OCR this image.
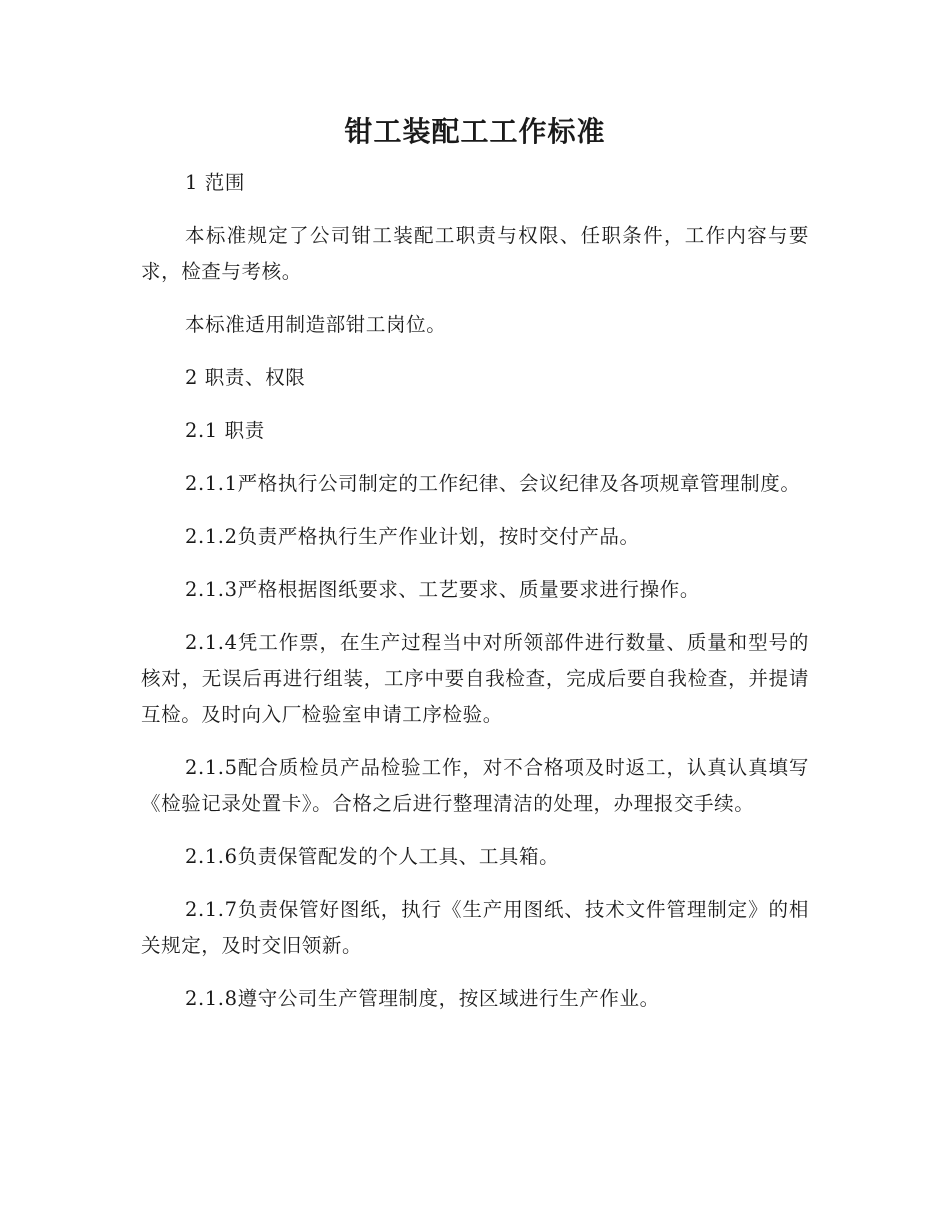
钳工装配工工作标准

1 范围

本标准规定了公司钳工装配工职责与权限、任职条件，工作内容与要求，检查与考核。

本标准适用制造部钳工岗位。

2 职责、权限

2.1 职责

2.1.1严格执行公司制定的工作纪律、会议纪律及各项规章管理制度。

2.1.2负责严格执行生产作业计划，按时交付产品。

2.1.3严格根据图纸要求、工艺要求、质量要求进行操作。

2.1.4凭工作票，在生产过程当中对所领部件进行数量、质量和型号的核对，无误后再进行组装，工序中要自我检查，完成后要自我检查，并提请互检。及时向入厂检验室申请工序检验。

2.1.5配合质检员产品检验工作，对不合格项及时返工，认真认真填写《检验记录处置卡》。合格之后进行整理清洁的处理，办理报交手续。

2.1.6负责保管配发的个人工具、工具箱。

2.1.7负责保管好图纸，执行《生产用图纸、技术文件管理制定》的相关规定，及时交旧领新。

2.1.8遵守公司生产管理制度，按区域进行生产作业。
